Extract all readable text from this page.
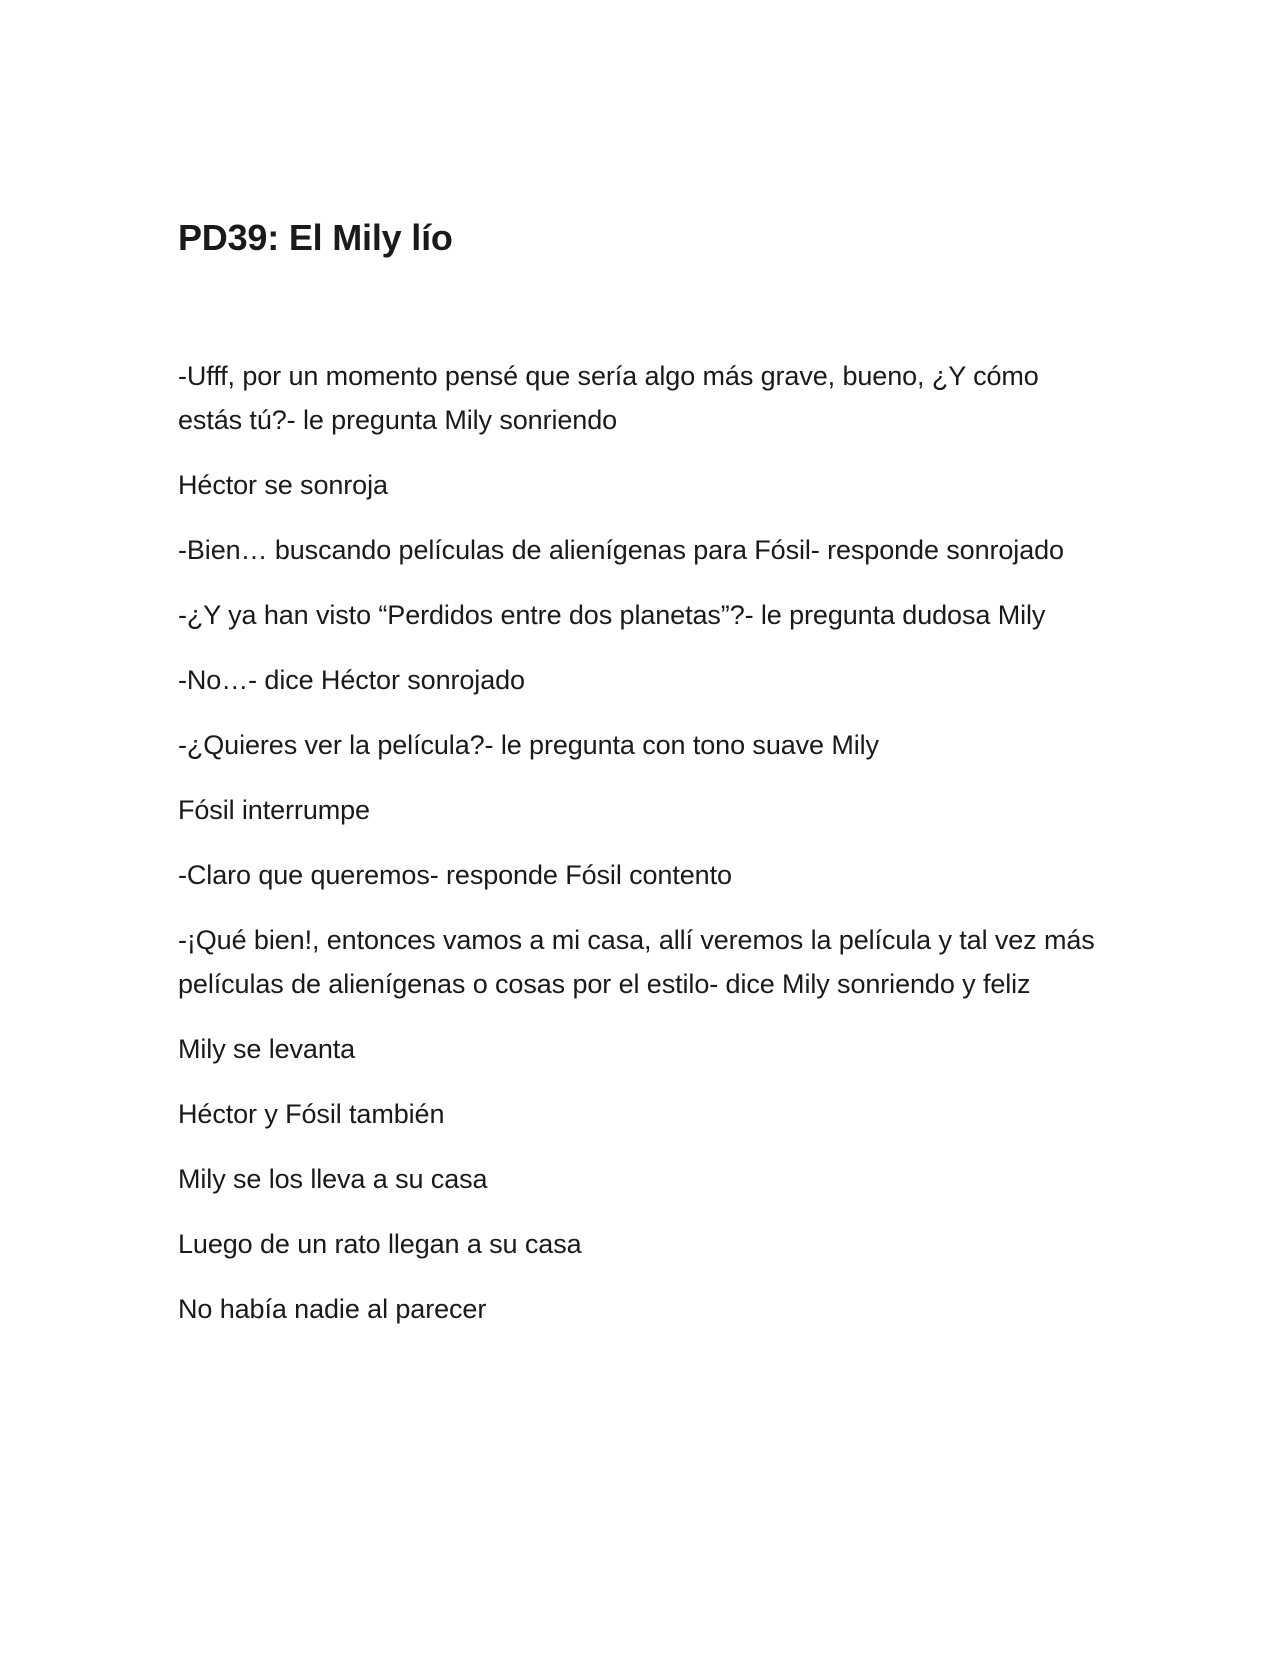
PD39: El Mily lío

-Ufff, por un momento pensé que sería algo más grave, bueno, ¿Y cómo estás tú?- le pregunta Mily sonriendo

Héctor se sonroja

-Bien… buscando películas de alienígenas para Fósil- responde sonrojado

-¿Y ya han visto “Perdidos entre dos planetas”?- le pregunta dudosa Mily

-No…- dice Héctor sonrojado

-¿Quieres ver la película?- le pregunta con tono suave Mily

Fósil interrumpe

-Claro que queremos- responde Fósil contento

-¡Qué bien!, entonces vamos a mi casa, allí veremos la película y tal vez más películas de alienígenas o cosas por el estilo- dice Mily sonriendo y feliz

Mily se levanta

Héctor y Fósil también

Mily se los lleva a su casa

Luego de un rato llegan a su casa

No había nadie al parecer
